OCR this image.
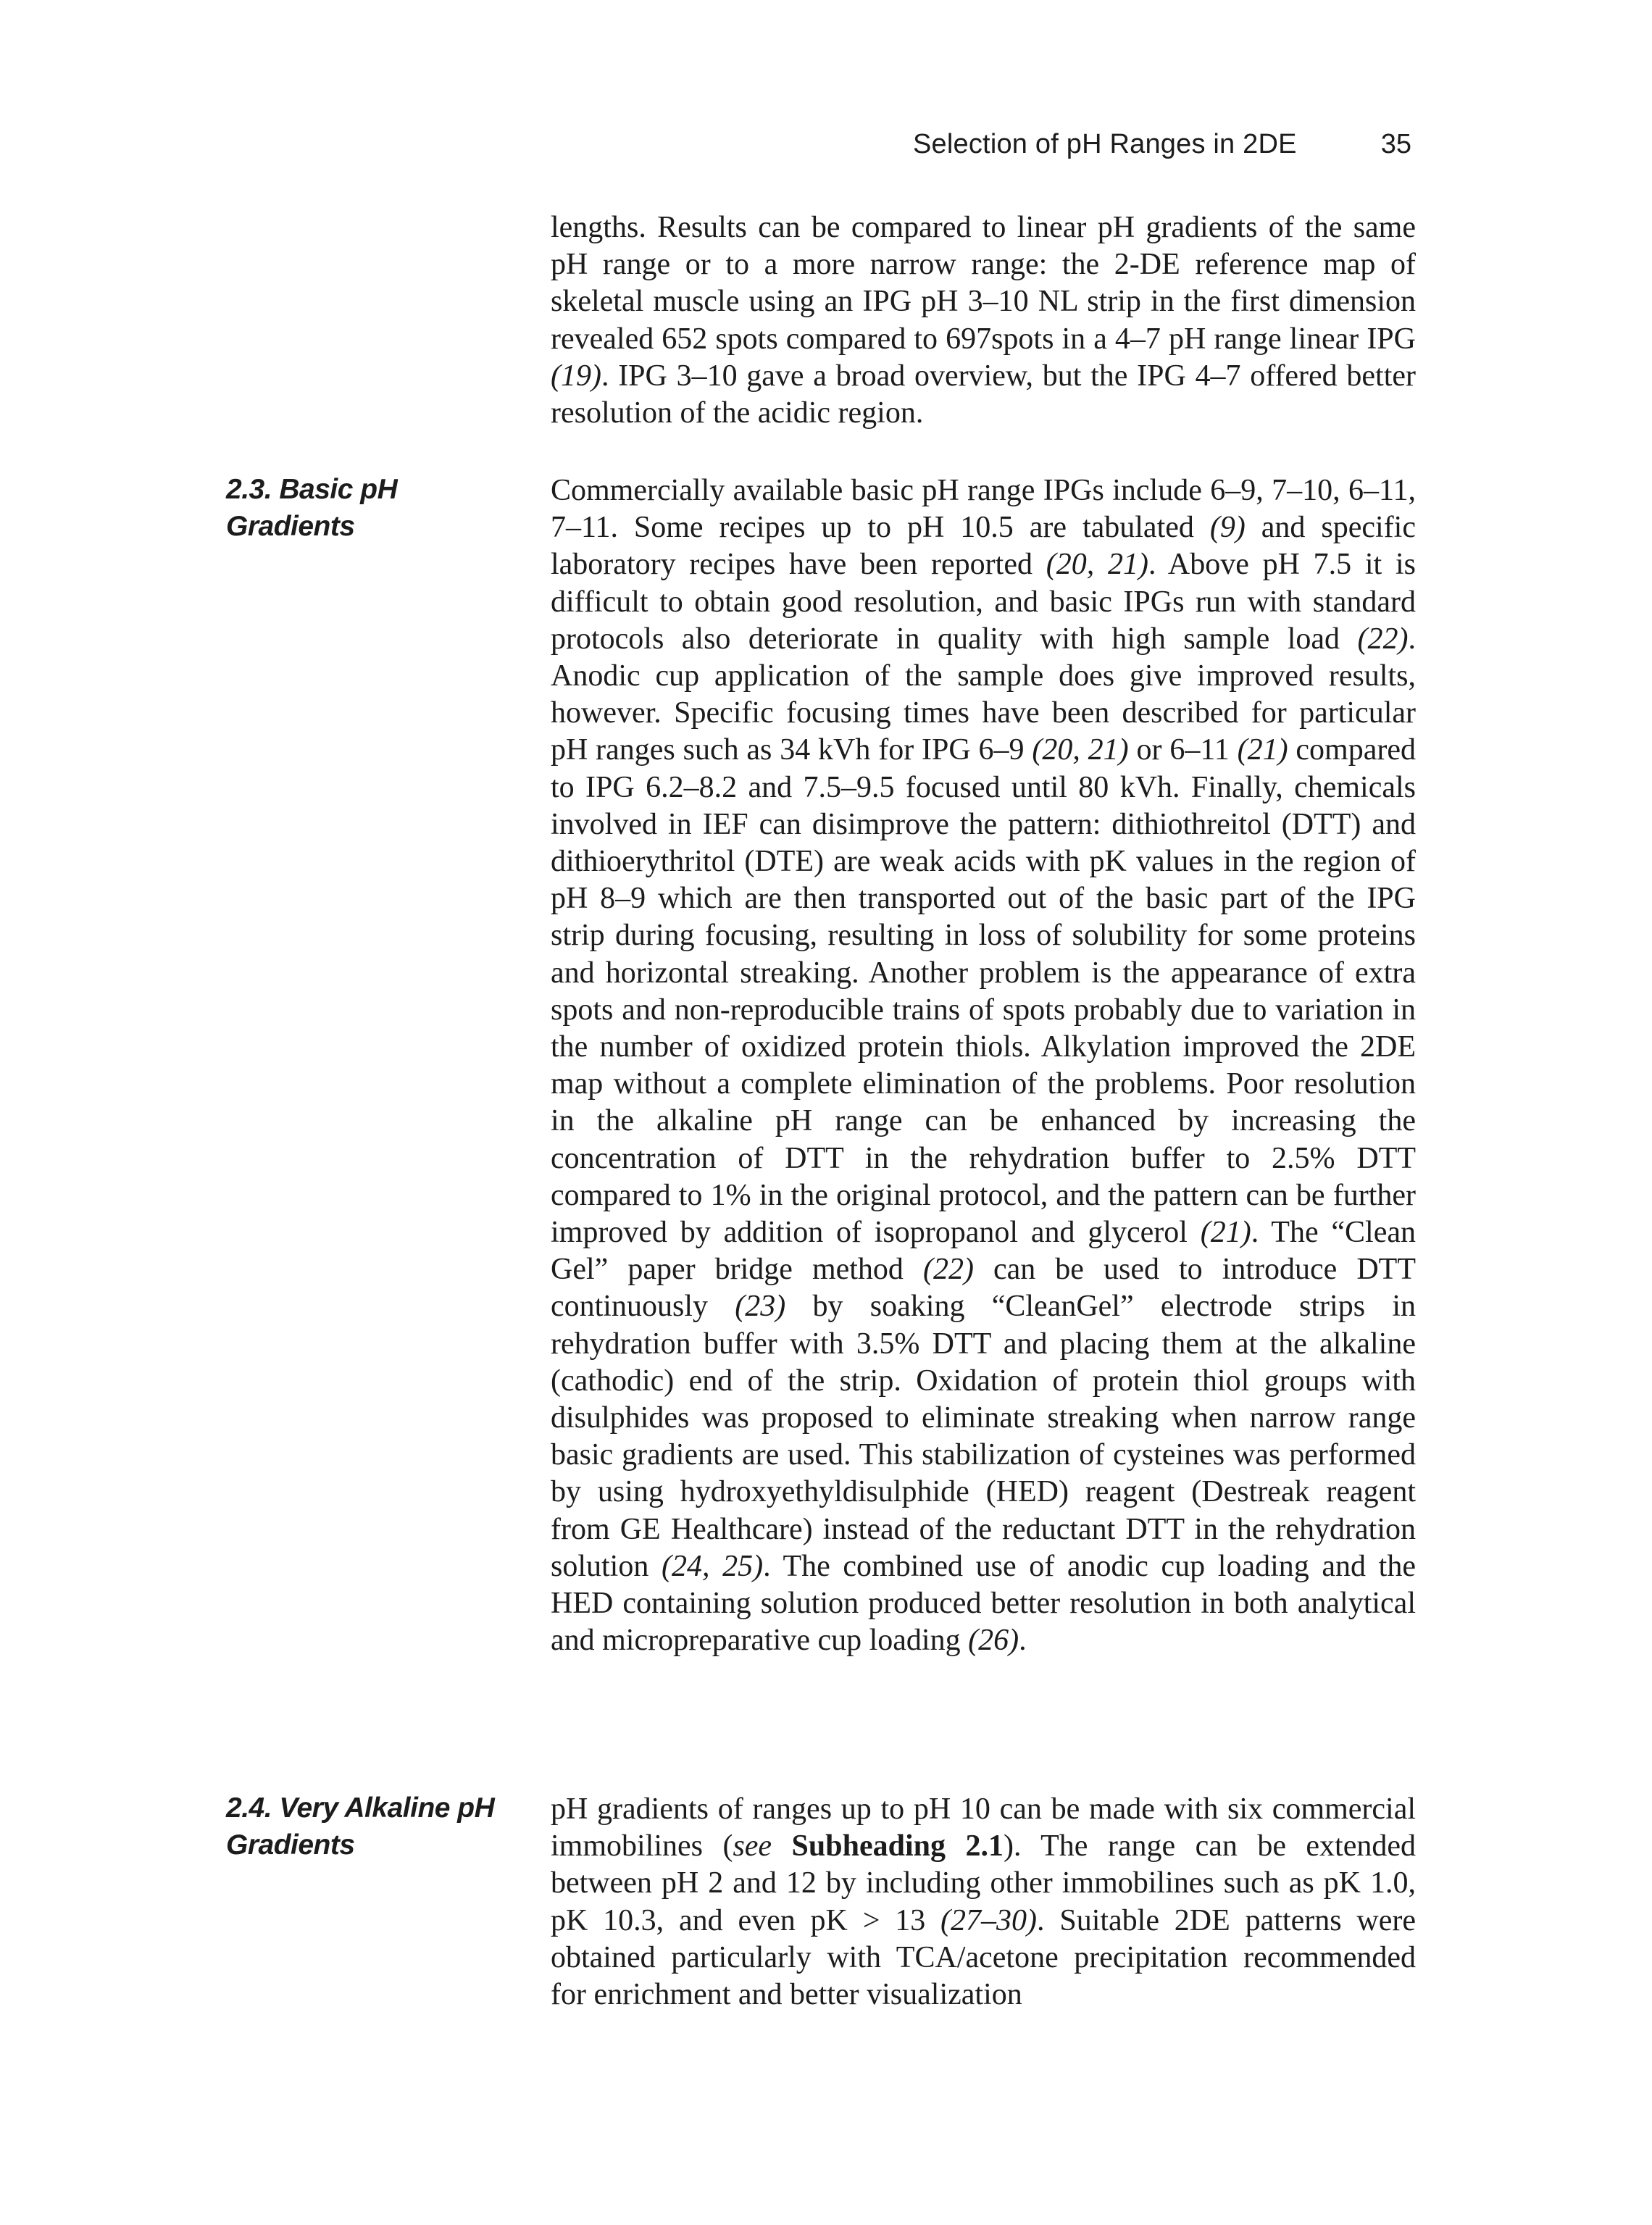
Selection of pH Ranges in 2DE	35

lengths. Results can be compared to linear pH gradients of the same pH range or to a more narrow range: the 2-DE reference map of skeletal muscle using an IPG pH 3–10 NL strip in the first dimension revealed 652 spots compared to 697spots in a 4–7 pH range linear IPG (19). IPG 3–10 gave a broad overview, but the IPG 4–7 offered better resolution of the acidic region.

2.3. Basic pH
Gradients

Commercially available basic pH range IPGs include 6–9, 7–10, 6–11, 7–11. Some recipes up to pH 10.5 are tabulated (9) and specific laboratory recipes have been reported (20, 21). Above pH 7.5 it is difficult to obtain good resolution, and basic IPGs run with standard protocols also deteriorate in quality with high sample load (22). Anodic cup application of the sample does give improved results, however. Specific focusing times have been described for particular pH ranges such as 34 kVh for IPG 6–9 (20, 21) or 6–11 (21) compared to IPG 6.2–8.2 and 7.5–9.5 focused until 80 kVh. Finally, chemicals involved in IEF can disimprove the pattern: dithiothreitol (DTT) and dithioerythritol (DTE) are weak acids with pK values in the region of pH 8–9 which are then transported out of the basic part of the IPG strip during focusing, resulting in loss of solubility for some proteins and horizontal streaking. Another problem is the appearance of extra spots and non-reproducible trains of spots probably due to variation in the number of oxidized protein thiols. Alkylation improved the 2DE map without a complete elimination of the problems. Poor resolution in the alkaline pH range can be enhanced by increasing the concentration of DTT in the rehydration buffer to 2.5% DTT compared to 1% in the original protocol, and the pattern can be further improved by addition of isopropanol and glycerol (21). The “Clean Gel” paper bridge method (22) can be used to introduce DTT continuously (23) by soaking “CleanGel” electrode strips in rehydration buffer with 3.5% DTT and placing them at the alkaline (cathodic) end of the strip. Oxidation of protein thiol groups with disulphides was proposed to eliminate streaking when narrow range basic gradients are used. This stabilization of cysteines was performed by using hydroxyethyldisulphide (HED) reagent (Destreak reagent from GE Healthcare) instead of the reductant DTT in the rehydration solution (24, 25). The combined use of anodic cup loading and the HED containing solution produced better resolution in both analytical and micropreparative cup loading (26).

2.4. Very Alkaline pH
Gradients

pH gradients of ranges up to pH 10 can be made with six commercial immobilines (see Subheading 2.1). The range can be extended between pH 2 and 12 by including other immobilines such as pK 1.0, pK 10.3, and even pK > 13 (27–30). Suitable 2DE patterns were obtained particularly with TCA/acetone precipitation recommended for enrichment and better visualization
